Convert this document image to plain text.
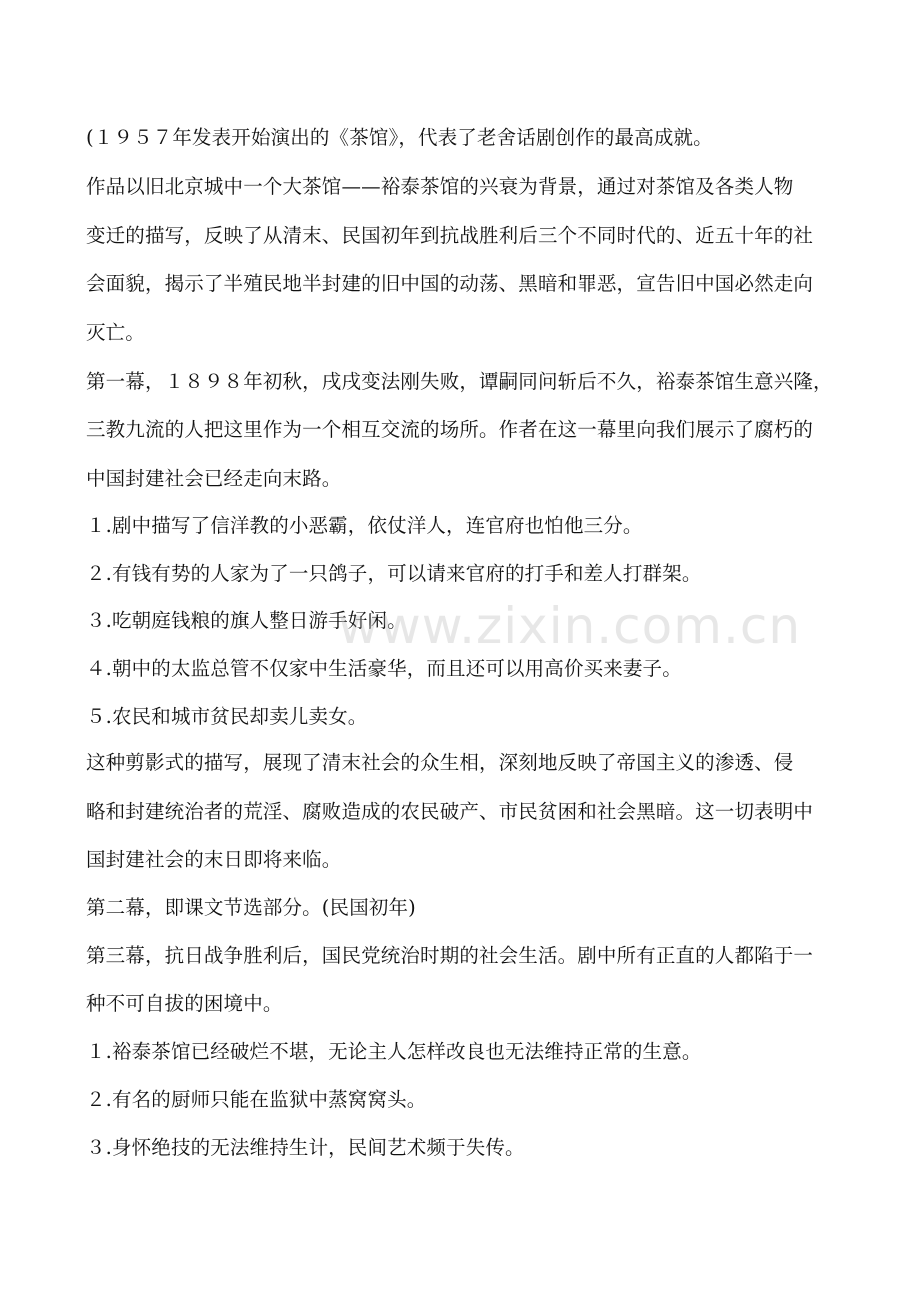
(１９５７年发表开始演出的《茶馆》，代表了老舍话剧创作的最高成就。
作品以旧北京城中一个大茶馆——裕泰茶馆的兴衰为背景，通过对茶馆及各类人物
变迁的描写，反映了从清末、民国初年到抗战胜利后三个不同时代的、近五十年的社
会面貌，揭示了半殖民地半封建的旧中国的动荡、黑暗和罪恶，宣告旧中国必然走向
灭亡。
第一幕，１８９８年初秋，戌戌变法刚失败，谭嗣同问斩后不久，裕泰茶馆生意兴隆，
三教九流的人把这里作为一个相互交流的场所。作者在这一幕里向我们展示了腐朽的
中国封建社会已经走向末路。
１.剧中描写了信洋教的小恶霸，依仗洋人，连官府也怕他三分。
２.有钱有势的人家为了一只鸽子，可以请来官府的打手和差人打群架。
３.吃朝庭钱粮的旗人整日游手好闲。
４.朝中的太监总管不仅家中生活豪华，而且还可以用高价买来妻子。
５.农民和城市贫民却卖儿卖女。
这种剪影式的描写，展现了清末社会的众生相，深刻地反映了帝国主义的渗透、侵
略和封建统治者的荒淫、腐败造成的农民破产、市民贫困和社会黑暗。这一切表明中
国封建社会的末日即将来临。
第二幕，即课文节选部分。(民国初年)
第三幕，抗日战争胜利后，国民党统治时期的社会生活。剧中所有正直的人都陷于一
种不可自拔的困境中。
１.裕泰茶馆已经破烂不堪，无论主人怎样改良也无法维持正常的生意。
２.有名的厨师只能在监狱中蒸窝窝头。
３.身怀绝技的无法维持生计，民间艺术频于失传。
www.zixin.com.cn
